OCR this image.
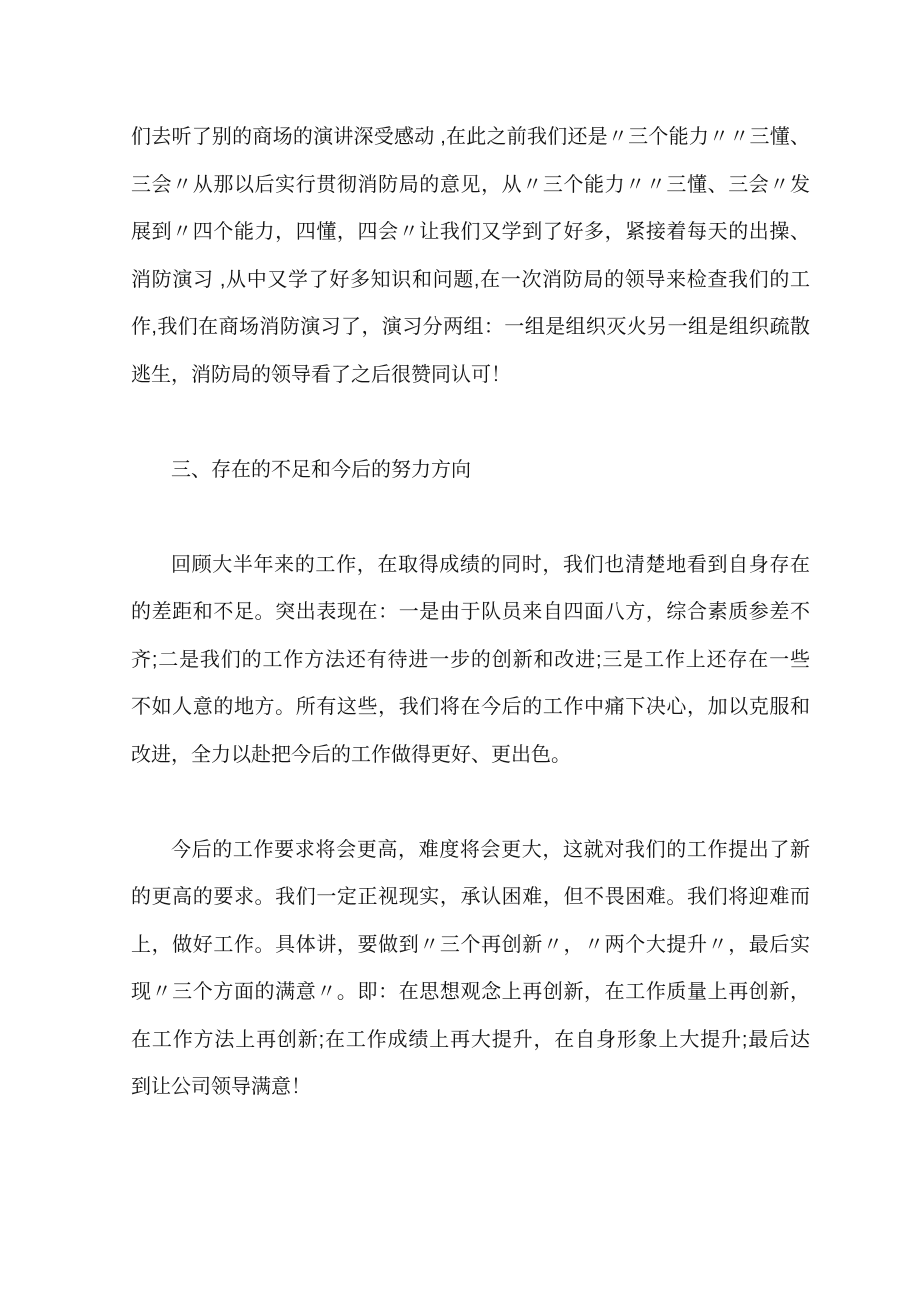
们去听了别的商场的演讲深受感动 ,在此之前我们还是〃三个能力〃〃三懂、
三会〃从那以后实行贯彻消防局的意见，从〃三个能力〃〃三懂、三会〃发
展到〃四个能力，四懂，四会〃让我们又学到了好多，紧接着每天的出操、
消防演习 ,从中又学了好多知识和问题,在一次消防局的领导来检查我们的工
作,我们在商场消防演习了，演习分两组：一组是组织灭火另一组是组织疏散
逃生，消防局的领导看了之后很赞同认可！
三、存在的不足和今后的努力方向
回顾大半年来的工作，在取得成绩的同时，我们也清楚地看到自身存在
的差距和不足。突出表现在：一是由于队员来自四面八方，综合素质参差不
齐;二是我们的工作方法还有待进一步的创新和改进;三是工作上还存在一些
不如人意的地方。所有这些，我们将在今后的工作中痛下决心，加以克服和
改进，全力以赴把今后的工作做得更好、更出色。
今后的工作要求将会更高，难度将会更大，这就对我们的工作提出了新
的更高的要求。我们一定正视现实，承认困难，但不畏困难。我们将迎难而
上，做好工作。具体讲，要做到〃三个再创新〃，〃两个大提升〃，最后实
现〃三个方面的满意〃。即：在思想观念上再创新，在工作质量上再创新，
在工作方法上再创新;在工作成绩上再大提升，在自身形象上大提升;最后达
到让公司领导满意！
